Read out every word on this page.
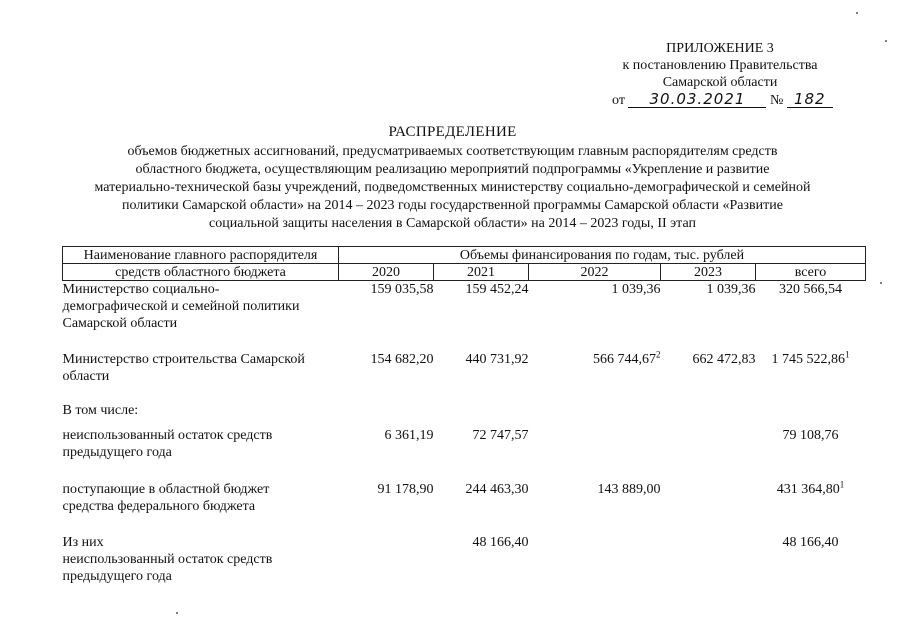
ПРИЛОЖЕНИЕ 3
к постановлению Правительства
Самарской области
от 30.03.2021 № 182
РАСПРЕДЕЛЕНИЕ
объемов бюджетных ассигнований, предусматриваемых соответствующим главным распорядителям средств
областного бюджета, осуществляющим реализацию мероприятий подпрограммы «Укрепление и развитие
материально-технической базы учреждений, подведомственных министерству социально-демографической и семейной
политики Самарской области» на 2014 – 2023 годы государственной программы Самарской области «Развитие
социальной защиты населения в Самарской области» на 2014 – 2023 годы, II этап
Наименование главного распорядителя	Объемы финансирования по годам, тыс. рублей				
средств областного бюджета	2020	2021	2022	2023	всего
Министерство социально-
демографической и семейной политики
Самарской области	159 035,58	159 452,24	1 039,36	1 039,36	320 566,54
Министерство строительства Самарской
области	154 682,20	440 731,92	566 744,67$^2$	662 472,83	1 745 522,86$^1$
В том числе:					
неиспользованный остаток средств
предыдущего года	6 361,19	72 747,57			79 108,76
поступающие в областной бюджет
средства федерального бюджета	91 178,90	244 463,30	143 889,00		431 364,80$^1$
Из них
неиспользованный остаток средств
предыдущего года		48 166,40			48 166,40
